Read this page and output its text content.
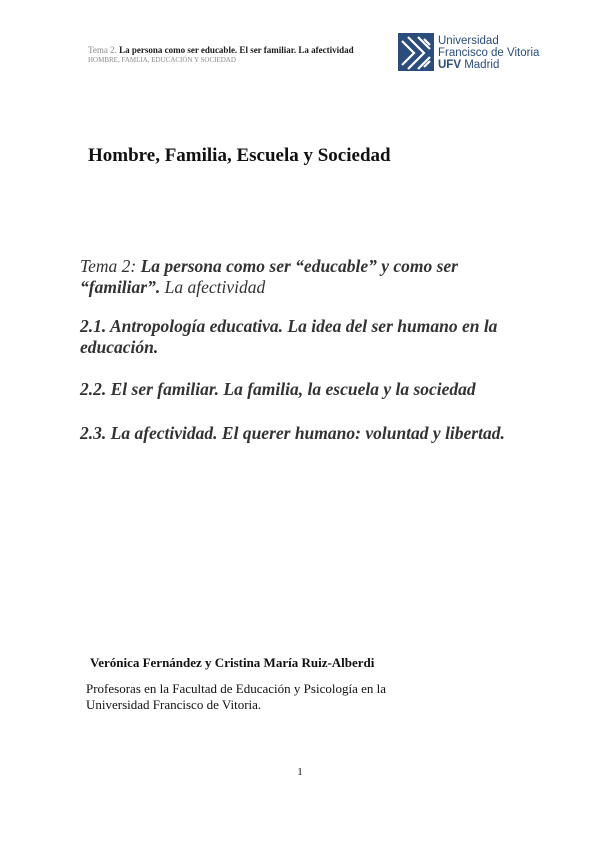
Tema 2. La persona como ser educable. El ser familiar. La afectividad
HOMBRE, FAMLIA, EDUCACIÓN Y SOCIEDAD
Universidad
Francisco de Vitoria
UFV Madrid
Hombre, Familia, Escuela y Sociedad
Tema 2: La persona como ser “educable” y como ser “familiar”. La afectividad
2.1. Antropología educativa. La idea del ser humano en la educación.
2.2. El ser familiar. La familia, la escuela y la sociedad
2.3. La afectividad. El querer humano: voluntad y libertad.
Verónica Fernández y Cristina María Ruiz-Alberdi
Profesoras en la Facultad de Educación y Psicología en la Universidad Francisco de Vitoria.
1
